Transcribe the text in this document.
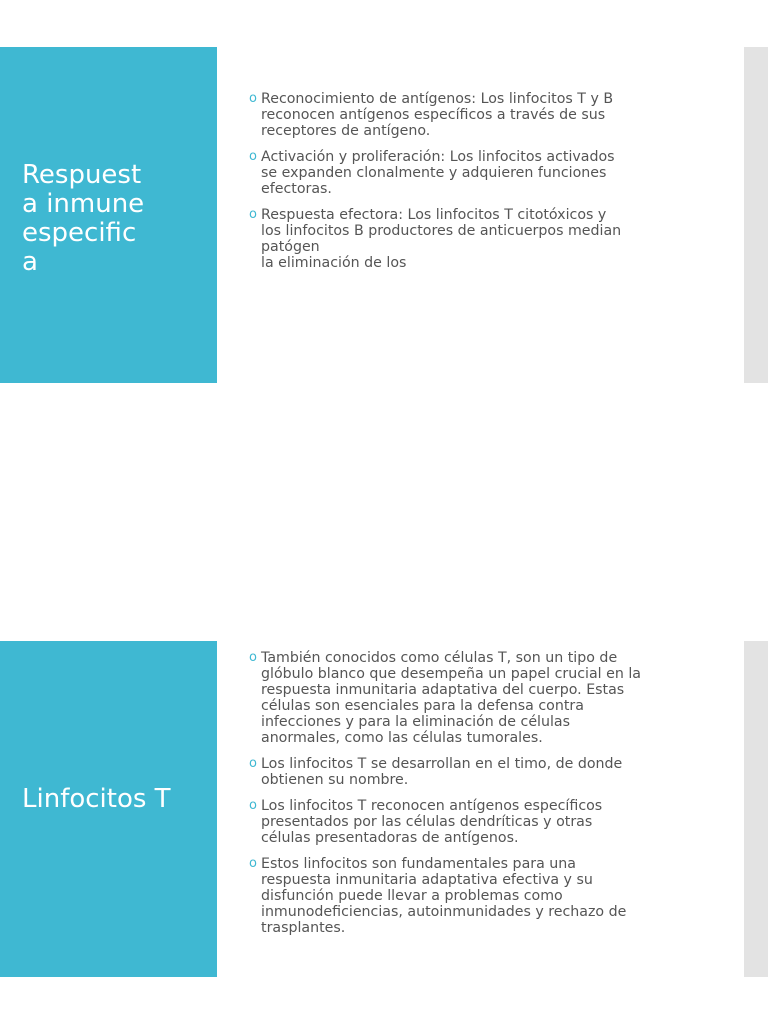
Respuesta inmune especifica
o Reconocimiento de antígenos: Los linfocitos T y B
reconocen antígenos específicos a través de sus
receptores de antígeno.
o Activación y proliferación: Los linfocitos activados
se expanden clonalmente y adquieren funciones
efectoras.
o Respuesta efectora: Los linfocitos T citotóxicos y
los linfocitos B productores de anticuerpos median
patógen
la eliminación de los
Linfocitos T
o También conocidos como células T, son un tipo de
glóbulo blanco que desempeña un papel crucial en la
respuesta inmunitaria adaptativa del cuerpo. Estas
células son esenciales para la defensa contra
infecciones y para la eliminación de células
anormales, como las células tumorales.
o Los linfocitos T se desarrollan en el timo, de donde
obtienen su nombre.
o Los linfocitos T reconocen antígenos específicos
presentados por las células dendríticas y otras
células presentadoras de antígenos.
o Estos linfocitos son fundamentales para una
respuesta inmunitaria adaptativa efectiva y su
disfunción puede llevar a problemas como
inmunodeficiencias, autoinmunidades y rechazo de
trasplantes.
